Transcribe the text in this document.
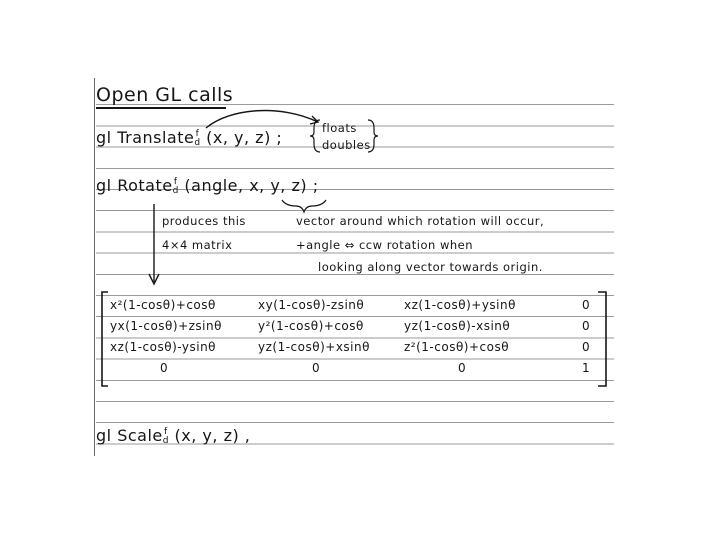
Open GL calls
gl Translate f
d (x, y, z) ;	floats
doubles
gl Rotate f
d (angle, x, y, z) ;
produces this
4×4 matrix
vector around which rotation will occur,
+angle ⇔ ccw rotation when
looking along vector towards origin.
x²(1-cosθ)+cosθ	xy(1-cosθ)-zsinθ	xz(1-cosθ)+ysinθ	0
yx(1-cosθ)+zsinθ	y²(1-cosθ)+cosθ	yz(1-cosθ)-xsinθ	0
xz(1-cosθ)-ysinθ	yz(1-cosθ)+xsinθ	z²(1-cosθ)+cosθ	0
0	0	0	1
gl Scale f
d (x, y, z) ,
